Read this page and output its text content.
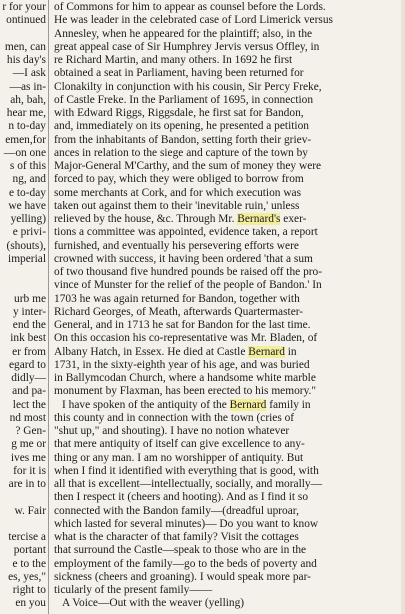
r for your
ontinued
men, can
his day's
—I ask
—as in-
ah, bah,
hear me,
n to-day
emen,for
—on one
s of this
ng, and
e to-day
we have
yelling)
e privi-
(shouts),
imperial
urb me
y inter-
end the
ink best
er from
egard to
didly—
and pa-
lect the
nd most
? Gen-
g me or
ives me
for it is
are in to
w. Fair
tercise a
portant
e to the
es, yes,"
right to
en you
of Commons for him to appear as counsel before the Lords.
He was leader in the celebrated case of Lord Limerick versus
Annesley, when he appeared for the plaintiff; also, in the
great appeal case of Sir Humphrey Jervis versus Offley, in
re Richard Martin, and many others. In 1692 he first
obtained a seat in Parliament, having been returned for
Clonakilty in conjunction with his cousin, Sir Percy Freke,
of Castle Freke. In the Parliament of 1695, in connection
with Edward Riggs, Riggsdale, he first sat for Bandon,
and, immediately on its opening, he presented a petition
from the inhabitants of Bandon, setting forth their griev-
ances in relation to the siege and capture of the town by
Major-General M'Carthy, and the sum of money they were
forced to pay, which they were obliged to borrow from
some merchants at Cork, and for which execution was
taken out against them to their 'inevitable ruin,' unless
relieved by the house, &c. Through Mr. Bernard's exer-
tions a committee was appointed, evidence taken, a report
furnished, and eventually his persevering efforts were
crowned with success, it having been ordered 'that a sum
of two thousand five hundred pounds be raised off the pro-
vince of Munster for the relief of the people of Bandon.' In
1703 he was again returned for Bandon, together with
Richard Georges, of Meath, afterwards Quartermaster-
General, and in 1713 he sat for Bandon for the last time.
On this occasion his co-representative was Mr. Bladen, of
Albany Hatch, in Essex. He died at Castle Bernard in
1731, in the sixty-eighth year of his age, and was buried
in Ballymcodan Church, where a handsome white marble
monument by Flaxman, has been erected to his memory."
I have spoken of the antiquity of the Bernard family in
this county and in connection with the town (cries of
"shut up," and shouting). I have no notion whatever
that mere antiquity of itself can give excellence to any-
thing or any man. I am no worshipper of antiquity. But
when I find it identified with everything that is good, with
all that is excellent—intellectually, socially, and morally—
then I respect it (cheers and hooting). And as I find it so
connected with the Bandon family—(dreadful uproar,
which lasted for several minutes)— Do you want to know
what is the character of that family? Visit the cottages
that surround the Castle—speak to those who are in the
employment of the family—go to the beds of poverty and
sickness (cheers and groaning). I would speak more par-
ticularly of the present family——
A Voice—Out with the weaver (yelling)
